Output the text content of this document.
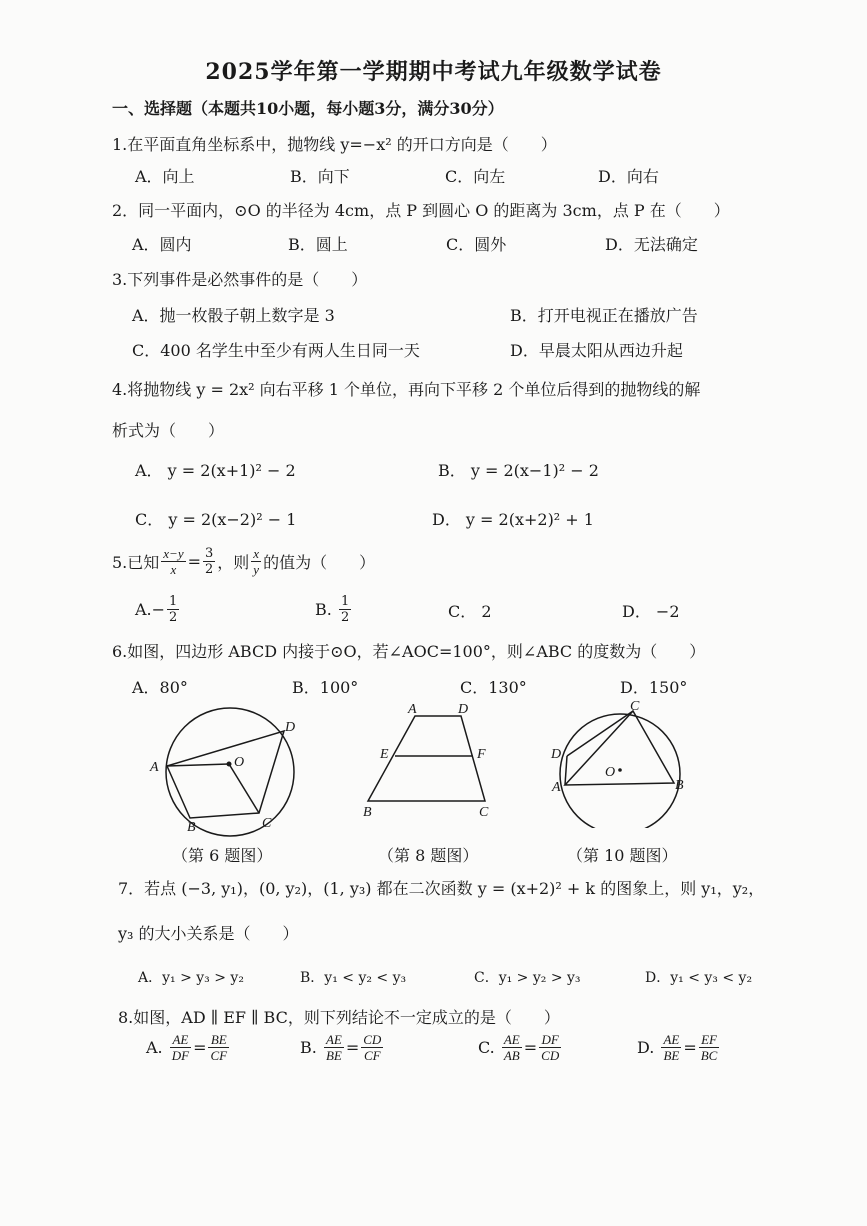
2025学年第一学期期中考试九年级数学试卷
一、选择题（本题共10小题，每小题3分，满分30分）
1.在平面直角坐标系中，抛物线 y=−x² 的开口方向是（　　）
A．向上	B．向下	C．向左	D．向右
2．同一平面内，⊙O 的半径为 4cm，点 P 到圆心 O 的距离为 3cm，点 P 在（　　）
A．圆内	B．圆上	C．圆外	D．无法确定
3.下列事件是必然事件的是（　　）
A．抛一枚骰子朝上数字是 3	B．打开电视正在播放广告
C．400 名学生中至少有两人生日同一天	D．早晨太阳从西边升起
4.将抛物线 y = 2x² 向右平移 1 个单位，再向下平移 2 个单位后得到的抛物线的解
析式为（　　）
A． y = 2(x+1)² − 2	B． y = 2(x−1)² − 2
C． y = 2(x−2)² − 1	D． y = 2(x+2)² + 1
5.已知 $\frac{x-y}{x} = \frac{3}{2}$ ，则 $\frac{x}{y}$ 的值为（　　）
A. − $\frac{1}{2}$	B.
$\frac{1}{2}$	C． 2	D． −2
6.如图，四边形 ABCD 内接于⊙O，若∠AOC=100°，则∠ABC 的度数为（　　）
A．80°	B．100°	C．130°	D．150°
A
D
O
B	C
（第 6 题图）
A	D
E	F
B	C
（第 8 题图）
C
D
A	B
O
（第 10 题图）
7．若点 (−3, y₁)，(0, y₂)，(1, y₃) 都在二次函数 y = (x+2)² + k 的图象上，则 y₁，y₂，
y₃ 的大小关系是（　　）
A．y₁ > y₃ > y₂	B．y₁ < y₂ < y₃	C．y₁ > y₂ > y₃	D．y₁ < y₃ < y₂
8.如图，AD ∥ EF ∥ BC，则下列结论不一定成立的是（　　）
A.
$\frac{AE}{DF} = \frac{BE}{CF}$	B.
$\frac{AE}{BE} = \frac{CD}{CF}$	C.
$\frac{AE}{AB} = \frac{DF}{CD}$	D.
$\frac{AE}{BE} = \frac{EF}{BC}$
